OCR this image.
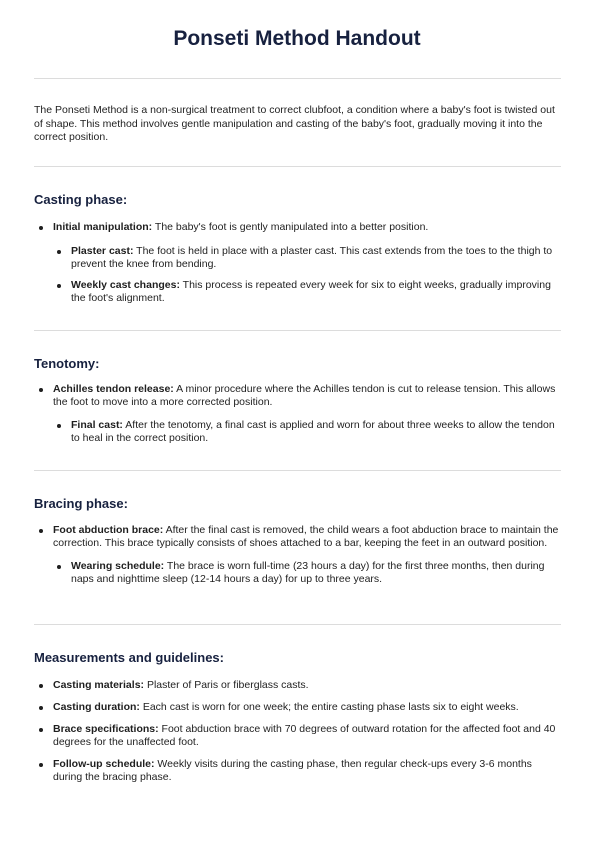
Ponseti Method Handout

The Ponseti Method is a non-surgical treatment to correct clubfoot, a condition where a baby's foot is twisted out of shape. This method involves gentle manipulation and casting of the baby's foot, gradually moving it into the correct position.

Casting phase:
Initial manipulation: The baby's foot is gently manipulated into a better position.
Plaster cast: The foot is held in place with a plaster cast. This cast extends from the toes to the thigh to prevent the knee from bending.
Weekly cast changes: This process is repeated every week for six to eight weeks, gradually improving the foot's alignment.
Tenotomy:
Achilles tendon release: A minor procedure where the Achilles tendon is cut to release tension. This allows the foot to move into a more corrected position.
Final cast: After the tenotomy, a final cast is applied and worn for about three weeks to allow the tendon to heal in the correct position.
Bracing phase:
Foot abduction brace: After the final cast is removed, the child wears a foot abduction brace to maintain the correction. This brace typically consists of shoes attached to a bar, keeping the feet in an outward position.
Wearing schedule: The brace is worn full-time (23 hours a day) for the first three months, then during naps and nighttime sleep (12-14 hours a day) for up to three years.
Measurements and guidelines:
Casting materials: Plaster of Paris or fiberglass casts.
Casting duration: Each cast is worn for one week; the entire casting phase lasts six to eight weeks.
Brace specifications: Foot abduction brace with 70 degrees of outward rotation for the affected foot and 40 degrees for the unaffected foot.
Follow-up schedule: Weekly visits during the casting phase, then regular check-ups every 3-6 months during the bracing phase.
